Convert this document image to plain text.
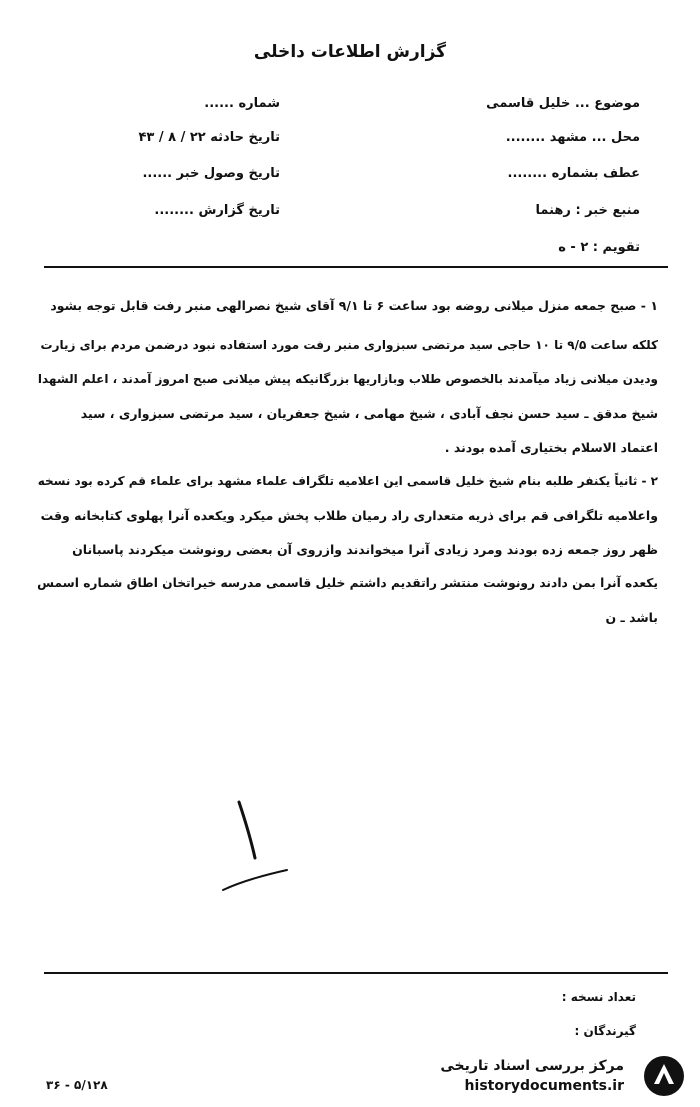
گزارش اطلاعات داخلی
موضوع ... خلیل قاسمی
محل ... مشهد ........
عطف بشماره ........
منبع خبر : رهنما
تقویم : ۲ - ه
شماره ......
تاریخ حادثه ۲۲ / ۸ / ۴۳
تاریخ وصول خبر ......
تاریخ گزارش ........
۱ - صبح جمعه منزل میلانی روضه بود ساعت ۶ تا ۹/۱ آقای شیخ نصرالهی منبر رفت قابل توجه بشود
کلکه ساعت ۹/۵ تا ۱۰ حاجی سید مرتضی سبزواری منبر رفت مورد استفاده نبود درضمن مردم برای زیارت
ودیدن میلانی زیاد میآمدند بالخصوص طلاب وبازاریها بزرگانیکه پیش میلانی صبح امروز آمدند ، اعلم الشهدا
شیخ مدقق ـ سید حسن نجف آبادی ، شیخ مهامی ، شیخ جعفریان ، سید مرتضی سبزواری ، سید
اعتماد الاسلام بختیاری آمده بودند .
۲ - ثانیاً یکنفر طلبه بنام شیخ خلیل قاسمی این اعلامیه تلگراف علماء مشهد برای علماء قم کرده بود نسخه
واعلامیه تلگرافی قم برای ذریه متعداری راد رمیان طلاب پخش میکرد ویکعده آنرا پهلوی کتابخانه وقت
ظهر روز جمعه زده بودند ومرد زیادی آنرا میخواندند وازروی آن بعضی رونوشت میکردند پاسبانان
یکعده آنرا بمن دادند رونوشت منتشر راتقدیم داشتم خلیل قاسمی مدرسه خیراتخان اطاق شماره اسمس
باشد ـ ن
تعداد نسخه :
گیرندگان :
۵/۱۲۸ - ۳۶
مرکز بررسی اسناد تاریخی
historydocuments.ir
